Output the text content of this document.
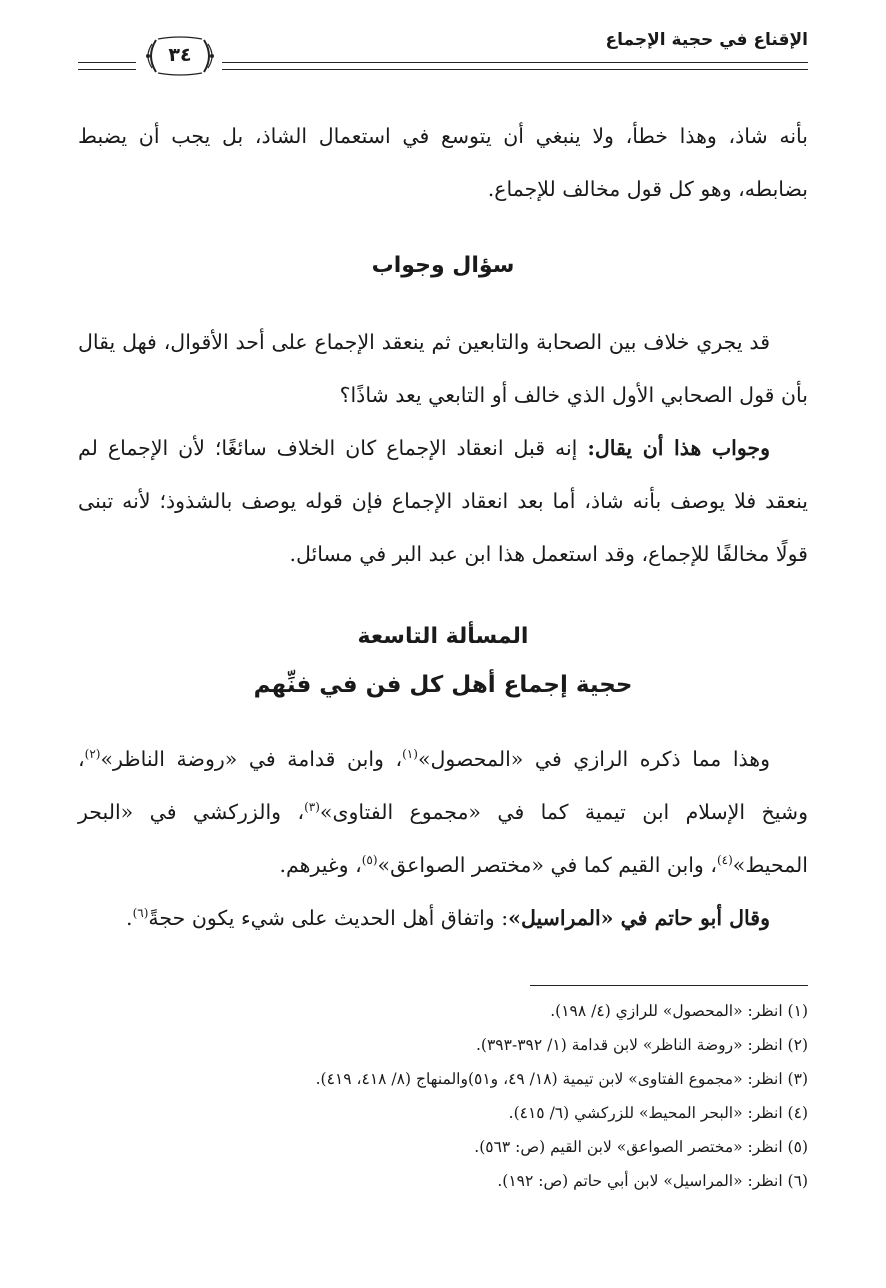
الإقناع في حجية الإجماع
٣٤

بأنه شاذ، وهذا خطأ، ولا ينبغي أن يتوسع في استعمال الشاذ، بل يجب أن يضبط بضابطه، وهو كل قول مخالف للإجماع.

سؤال وجواب

قد يجري خلاف بين الصحابة والتابعين ثم ينعقد الإجماع على أحد الأقوال، فهل يقال بأن قول الصحابي الأول الذي خالف أو التابعي يعد شاذًا؟

وجواب هذا أن يقال: إنه قبل انعقاد الإجماع كان الخلاف سائغًا؛ لأن الإجماع لم ينعقد فلا يوصف بأنه شاذ، أما بعد انعقاد الإجماع فإن قوله يوصف بالشذوذ؛ لأنه تبنى قولًا مخالفًا للإجماع، وقد استعمل هذا ابن عبد البر في مسائل.

المسألة التاسعة
حجية إجماع أهل كل فن في فنِّهم

وهذا مما ذكره الرازي في «المحصول»$^{(١)}$، وابن قدامة في «روضة الناظر»$^{(٢)}$، وشيخ الإسلام ابن تيمية كما في «مجموع الفتاوى»$^{(٣)}$، والزركشي في «البحر المحيط»$^{(٤)}$، وابن القيم كما في «مختصر الصواعق»$^{(٥)}$، وغيرهم.

وقال أبو حاتم في «المراسيل»: واتفاق أهل الحديث على شيء يكون حجةً$^{(٦)}$.

(١) انظر: «المحصول» للرازي (٤/ ١٩٨).

(٢) انظر: «روضة الناظر» لابن قدامة (١/ ٣٩٢-٣٩٣).

(٣) انظر: «مجموع الفتاوى» لابن تيمية (١٨/ ٤٩، و٥١)والمنهاج (٨/ ٤١٨، ٤١٩).

(٤) انظر: «البحر المحيط» للزركشي (٦/ ٤١٥).

(٥) انظر: «مختصر الصواعق» لابن القيم (ص: ٥٦٣).

(٦) انظر: «المراسيل» لابن أبي حاتم (ص: ١٩٢).
